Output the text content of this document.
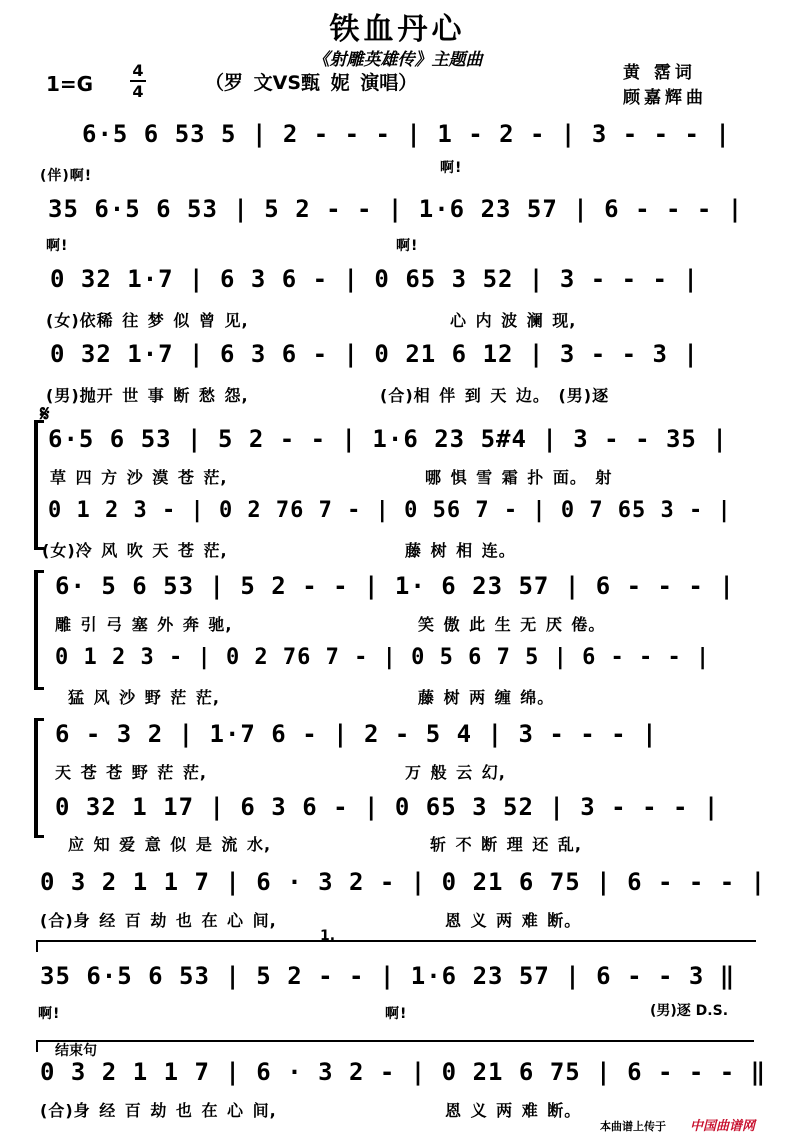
铁血丹心
《射雕英雄传》主题曲
1=G
4
4	（罗 文VS甄 妮 演唱）	黄 霑词
顾嘉辉曲
6·5 6 53 5 | 2 - - - | 1 - 2 - | 3 - - - |
(伴)啊!	啊!
35 6·5 6 53 | 5 2 - - | 1·6 23 57 | 6 - - - |
啊!	啊!
0 32 1·7 | 6 3 6 - | 0 65 3 52 | 3 - - - |
(女)依稀 往 梦 似 曾 见,	心 内 波 澜 现,
0 32 1·7 | 6 3 6 - | 0 21 6 12 | 3 - - 3 |
(男)抛开 世 事 断 愁 怨,	(合)相 伴 到 天 边。 (男)逐
𝄋
6·5 6 53 | 5 2 - - | 1·6 23 5#4 | 3 - - 35 |
草 四 方 沙 漠 苍 茫,	哪 惧 雪 霜 扑 面。 射
0 1 2 3 - | 0 2 76 7 - | 0 56 7 - | 0 7 65 3 - |
(女)冷 风 吹 天 苍 茫,	藤 树 相 连。
6· 5 6 53 | 5 2 - - | 1· 6 23 57 | 6 - - - |
雕 引 弓 塞 外 奔 驰,	笑 傲 此 生 无 厌 倦。
0 1 2 3 - | 0 2 76 7 - | 0 5 6 7 5 | 6 - - - |
猛 风 沙 野 茫 茫,	藤 树 两 缠 绵。
6 - 3 2 | 1·7 6 - | 2 - 5 4 | 3 - - - |
天 苍 苍 野 茫 茫,	万 般 云 幻,
0 32 1 17 | 6 3 6 - | 0 65 3 52 | 3 - - - |
应 知 爱 意 似 是 流 水,	斩 不 断 理 还 乱,
0 3 2 1 1 7 | 6 · 3 2 - | 0 21 6 75 | 6 - - - |
(合)身 经 百 劫 也 在 心 间,	恩 义 两 难 断。
1.
35 6·5 6 53 | 5 2 - - | 1·6 23 57 | 6 - - 3 ‖
啊!	啊!	(男)逐 D.S.
结束句
0 3 2 1 1 7 | 6 · 3 2 - | 0 21 6 75 | 6 - - - ‖
(合)身 经 百 劫 也 在 心 间,	恩 义 两 难 断。
本曲谱上传于 中国曲谱网
